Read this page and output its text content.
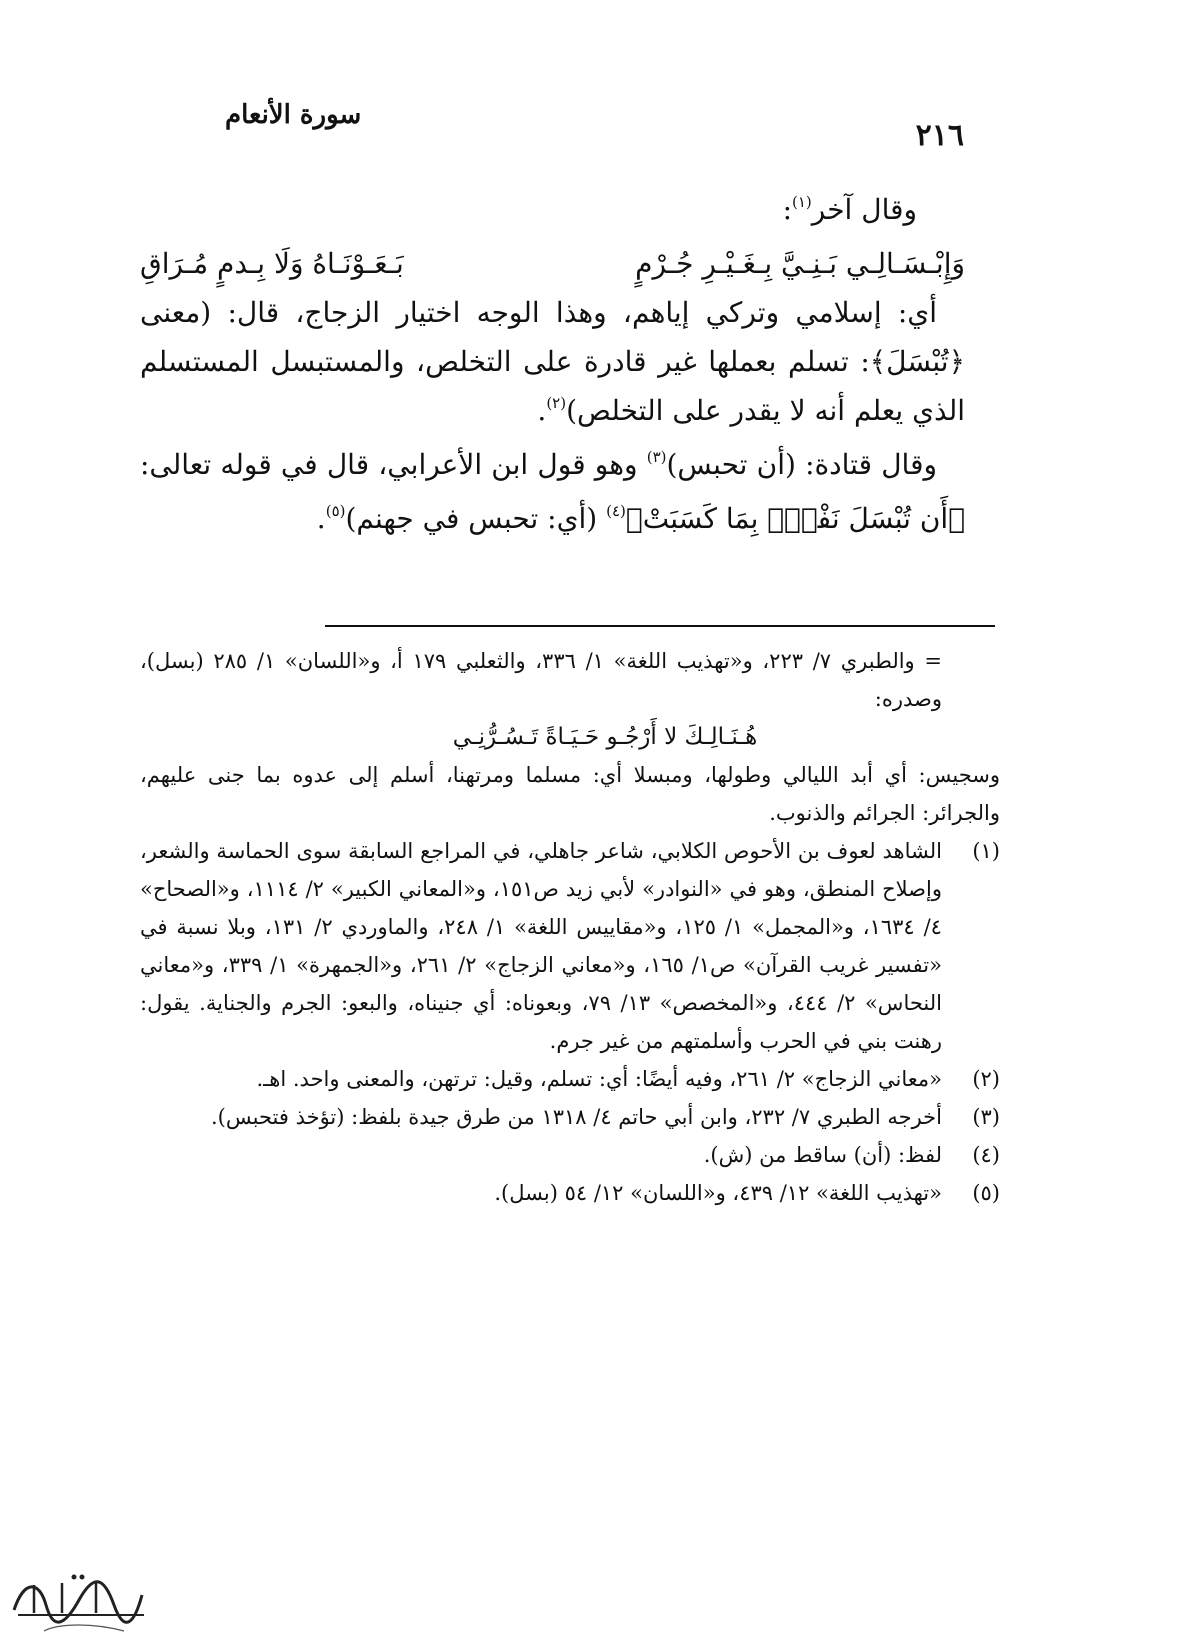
سورة الأنعام
٢١٦

وقال آخر$^{(١)}$:

وَإِبْـسَـالِـي بَـنِـيَّ بِـغَـيْـرِ جُـرْمٍ
بَـعَـوْنَـاهُ وَلَا بِـدمٍ مُـرَاقِ

أي: إسلامي وتركي إياهم، وهذا الوجه اختيار الزجاج، قال: (معنى ﴿تُبْسَلَ﴾: تسلم بعملها غير قادرة على التخلص، والمستبسل المستسلم الذي يعلم أنه لا يقدر على التخلص)$^{(٢)}$.

وقال قتادة: (أن تحبس)$^{(٣)}$ وهو قول ابن الأعرابي، قال في قوله تعالى: ﴿أَن تُبْسَلَ نَفْسٌۢ بِمَا كَسَبَتْ﴾$^{(٤)}$ (أي: تحبس في جهنم)$^{(٥)}$.

= والطبري ٧/ ٢٢٣، و«تهذيب اللغة» ١/ ٣٣٦، والثعلبي ١٧٩ أ، و«اللسان» ١/ ٢٨٥ (بسل)، وصدره:

هُـنَـالِـكَ لا أَرْجُـو حَـيَـاةً تَـسُـرُّنِـي

وسجيس: أي أبد الليالي وطولها، ومبسلا أي: مسلما ومرتهنا، أسلم إلى عدوه بما جنى عليهم، والجرائر: الجرائم والذنوب.

(١)
الشاهد لعوف بن الأحوص الكلابي، شاعر جاهلي، في المراجع السابقة سوى الحماسة والشعر، وإصلاح المنطق، وهو في «النوادر» لأبي زيد ص١٥١، و«المعاني الكبير» ٢/ ١١١٤، و«الصحاح» ٤/ ١٦٣٤، و«المجمل» ١/ ١٢٥، و«مقاييس اللغة» ١/ ٢٤٨، والماوردي ٢/ ١٣١، وبلا نسبة في «تفسير غريب القرآن» ص١/ ١٦٥، و«معاني الزجاج» ٢/ ٢٦١، و«الجمهرة» ١/ ٣٣٩، و«معاني النحاس» ٢/ ٤٤٤، و«المخصص» ١٣/ ٧٩، وبعوناه: أي جنيناه، والبعو: الجرم والجناية. يقول: رهنت بني في الحرب وأسلمتهم من غير جرم.
(٢)
«معاني الزجاج» ٢/ ٢٦١، وفيه أيضًا: أي: تسلم، وقيل: ترتهن، والمعنى واحد. اهـ.
(٣)
أخرجه الطبري ٧/ ٢٣٢، وابن أبي حاتم ٤/ ١٣١٨ من طرق جيدة بلفظ: (تؤخذ فتحبس).
(٤)
لفظ: (أن) ساقط من (ش).
(٥)
«تهذيب اللغة» ١٢/ ٤٣٩، و«اللسان» ١٢/ ٥٤ (بسل).
